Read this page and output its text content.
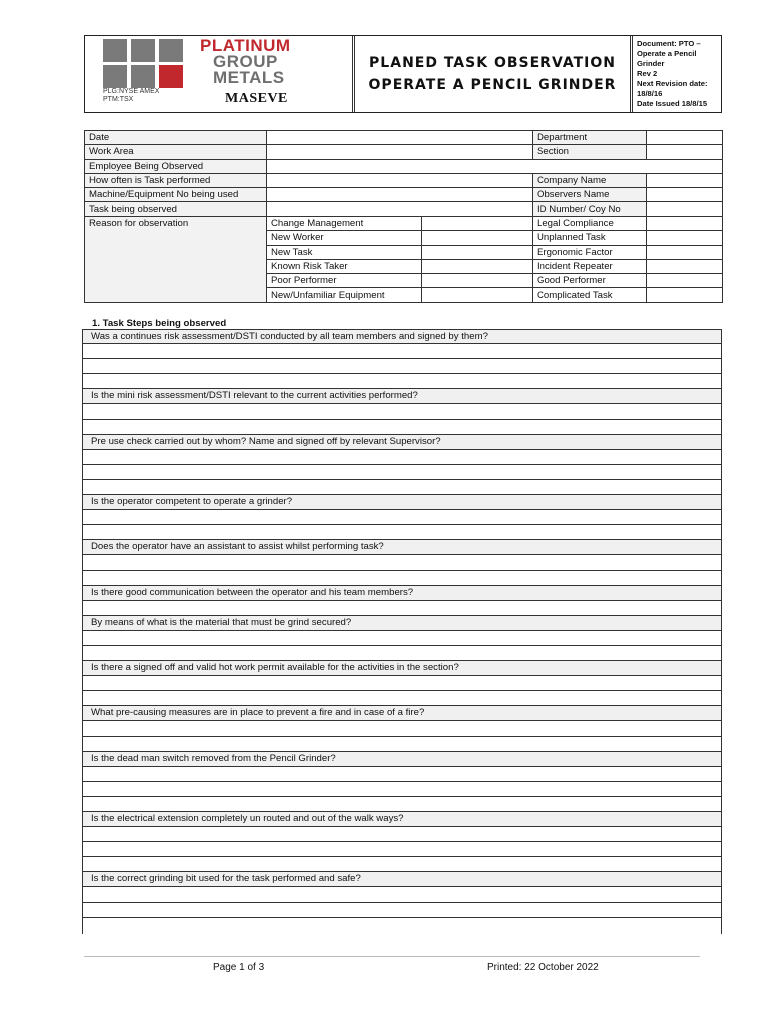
PLATINUM
GROUP
METALS
PLG:NYSE AMEX
PTM:TSX	MASEVE
PLANED TASK OBSERVATION
OPERATE A PENCIL GRINDER
Document: PTO –
Operate a Pencil
Grinder
Rev 2
Next Revision date:
18/8/16
Date Issued 18/8/15
Date		Department	
Work Area		Section	
Employee Being Observed			
How often is Task performed		Company Name	
Machine/Equipment No being used		Observers Name	
Task being observed		ID Number/ Coy No	
Reason for observation	Change Management		Legal Compliance	
	New Worker		Unplanned Task	
	New Task		Ergonomic Factor	
	Known Risk Taker		Incident Repeater	
	Poor Performer		Good Performer	
	New/Unfamiliar Equipment		Complicated Task	
1. Task Steps being observed
Was a continues risk assessment/DSTI conducted by all team members and signed by them?
Is the mini risk assessment/DSTI relevant to the current activities performed?
Pre use check carried out by whom? Name and signed off by relevant Supervisor?
Is the operator competent to operate a grinder?
Does the operator have an assistant to assist whilst performing task?
Is there good communication between the operator and his team members?
By means of what is the material that must be grind secured?
Is there a signed off and valid hot work permit available for the activities in the section?
What pre-causing measures are in place to prevent a fire and in case of a fire?
Is the dead man switch removed from the Pencil Grinder?
Is the electrical extension completely un routed and out of the walk ways?
Is the correct grinding bit used for the task performed and safe?
Page 1 of 3	Printed: 22 October 2022
